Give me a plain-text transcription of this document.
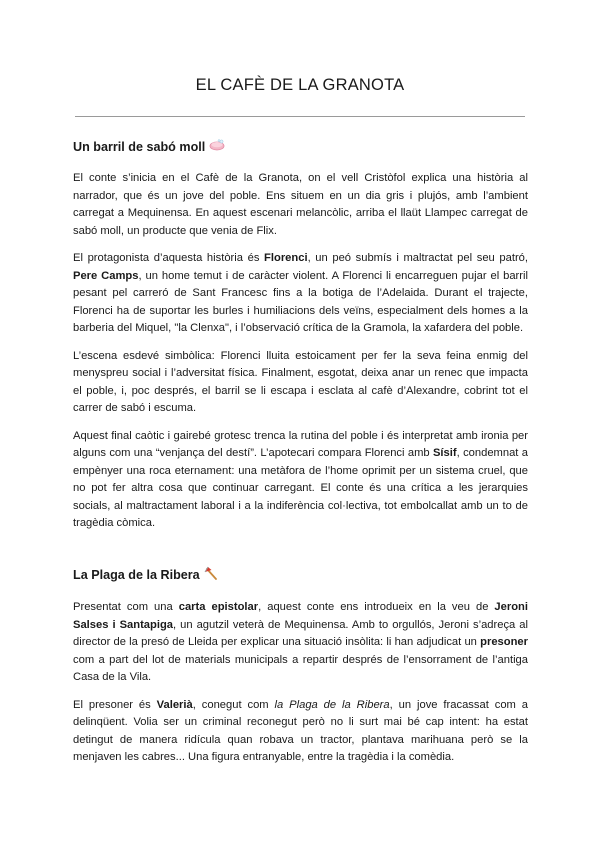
EL CAFÈ DE LA GRANOTA
Un barril de sabó moll

El conte s’inicia en el Cafè de la Granota, on el vell Cristòfol explica una història al narrador, que és un jove del poble. Ens situem en un dia gris i plujós, amb l’ambient carregat a Mequinensa. En aquest escenari melancòlic, arriba el llaüt Llampec carregat de sabó moll, un producte que venia de Flix.

El protagonista d’aquesta història és Florenci, un peó submís i maltractat pel seu patró, Pere Camps, un home temut i de caràcter violent. A Florenci li encarreguen pujar el barril pesant pel carreró de Sant Francesc fins a la botiga de l’Adelaida. Durant el trajecte, Florenci ha de suportar les burles i humiliacions dels veïns, especialment dels homes a la barberia del Miquel, "la Clenxa", i l’observació crítica de la Gramola, la xafardera del poble.

L’escena esdevé simbòlica: Florenci lluita estoicament per fer la seva feina enmig del menyspreu social i l’adversitat física. Finalment, esgotat, deixa anar un renec que impacta el poble, i, poc després, el barril se li escapa i esclata al cafè d’Alexandre, cobrint tot el carrer de sabó i escuma.

Aquest final caòtic i gairebé grotesc trenca la rutina del poble i és interpretat amb ironia per alguns com una “venjança del destí”. L’apotecari compara Florenci amb Sísif, condemnat a empènyer una roca eternament: una metàfora de l’home oprimit per un sistema cruel, que no pot fer altra cosa que continuar carregant. El conte és una crítica a les jerarquies socials, al maltractament laboral i a la indiferència col·lectiva, tot embolcallat amb un to de tragèdia còmica.

La Plaga de la Ribera

Presentat com una carta epistolar, aquest conte ens introdueix en la veu de Jeroni Salses i Santapiga, un agutzil veterà de Mequinensa. Amb to orgullós, Jeroni s’adreça al director de la presó de Lleida per explicar una situació insòlita: li han adjudicat un presoner com a part del lot de materials municipals a repartir després de l’ensorrament de l’antiga Casa de la Vila.

El presoner és Valerià, conegut com la Plaga de la Ribera, un jove fracassat com a delinqüent. Volia ser un criminal reconegut però no li surt mai bé cap intent: ha estat detingut de manera ridícula quan robava un tractor, plantava marihuana però se la menjaven les cabres... Una figura entranyable, entre la tragèdia i la comèdia.
